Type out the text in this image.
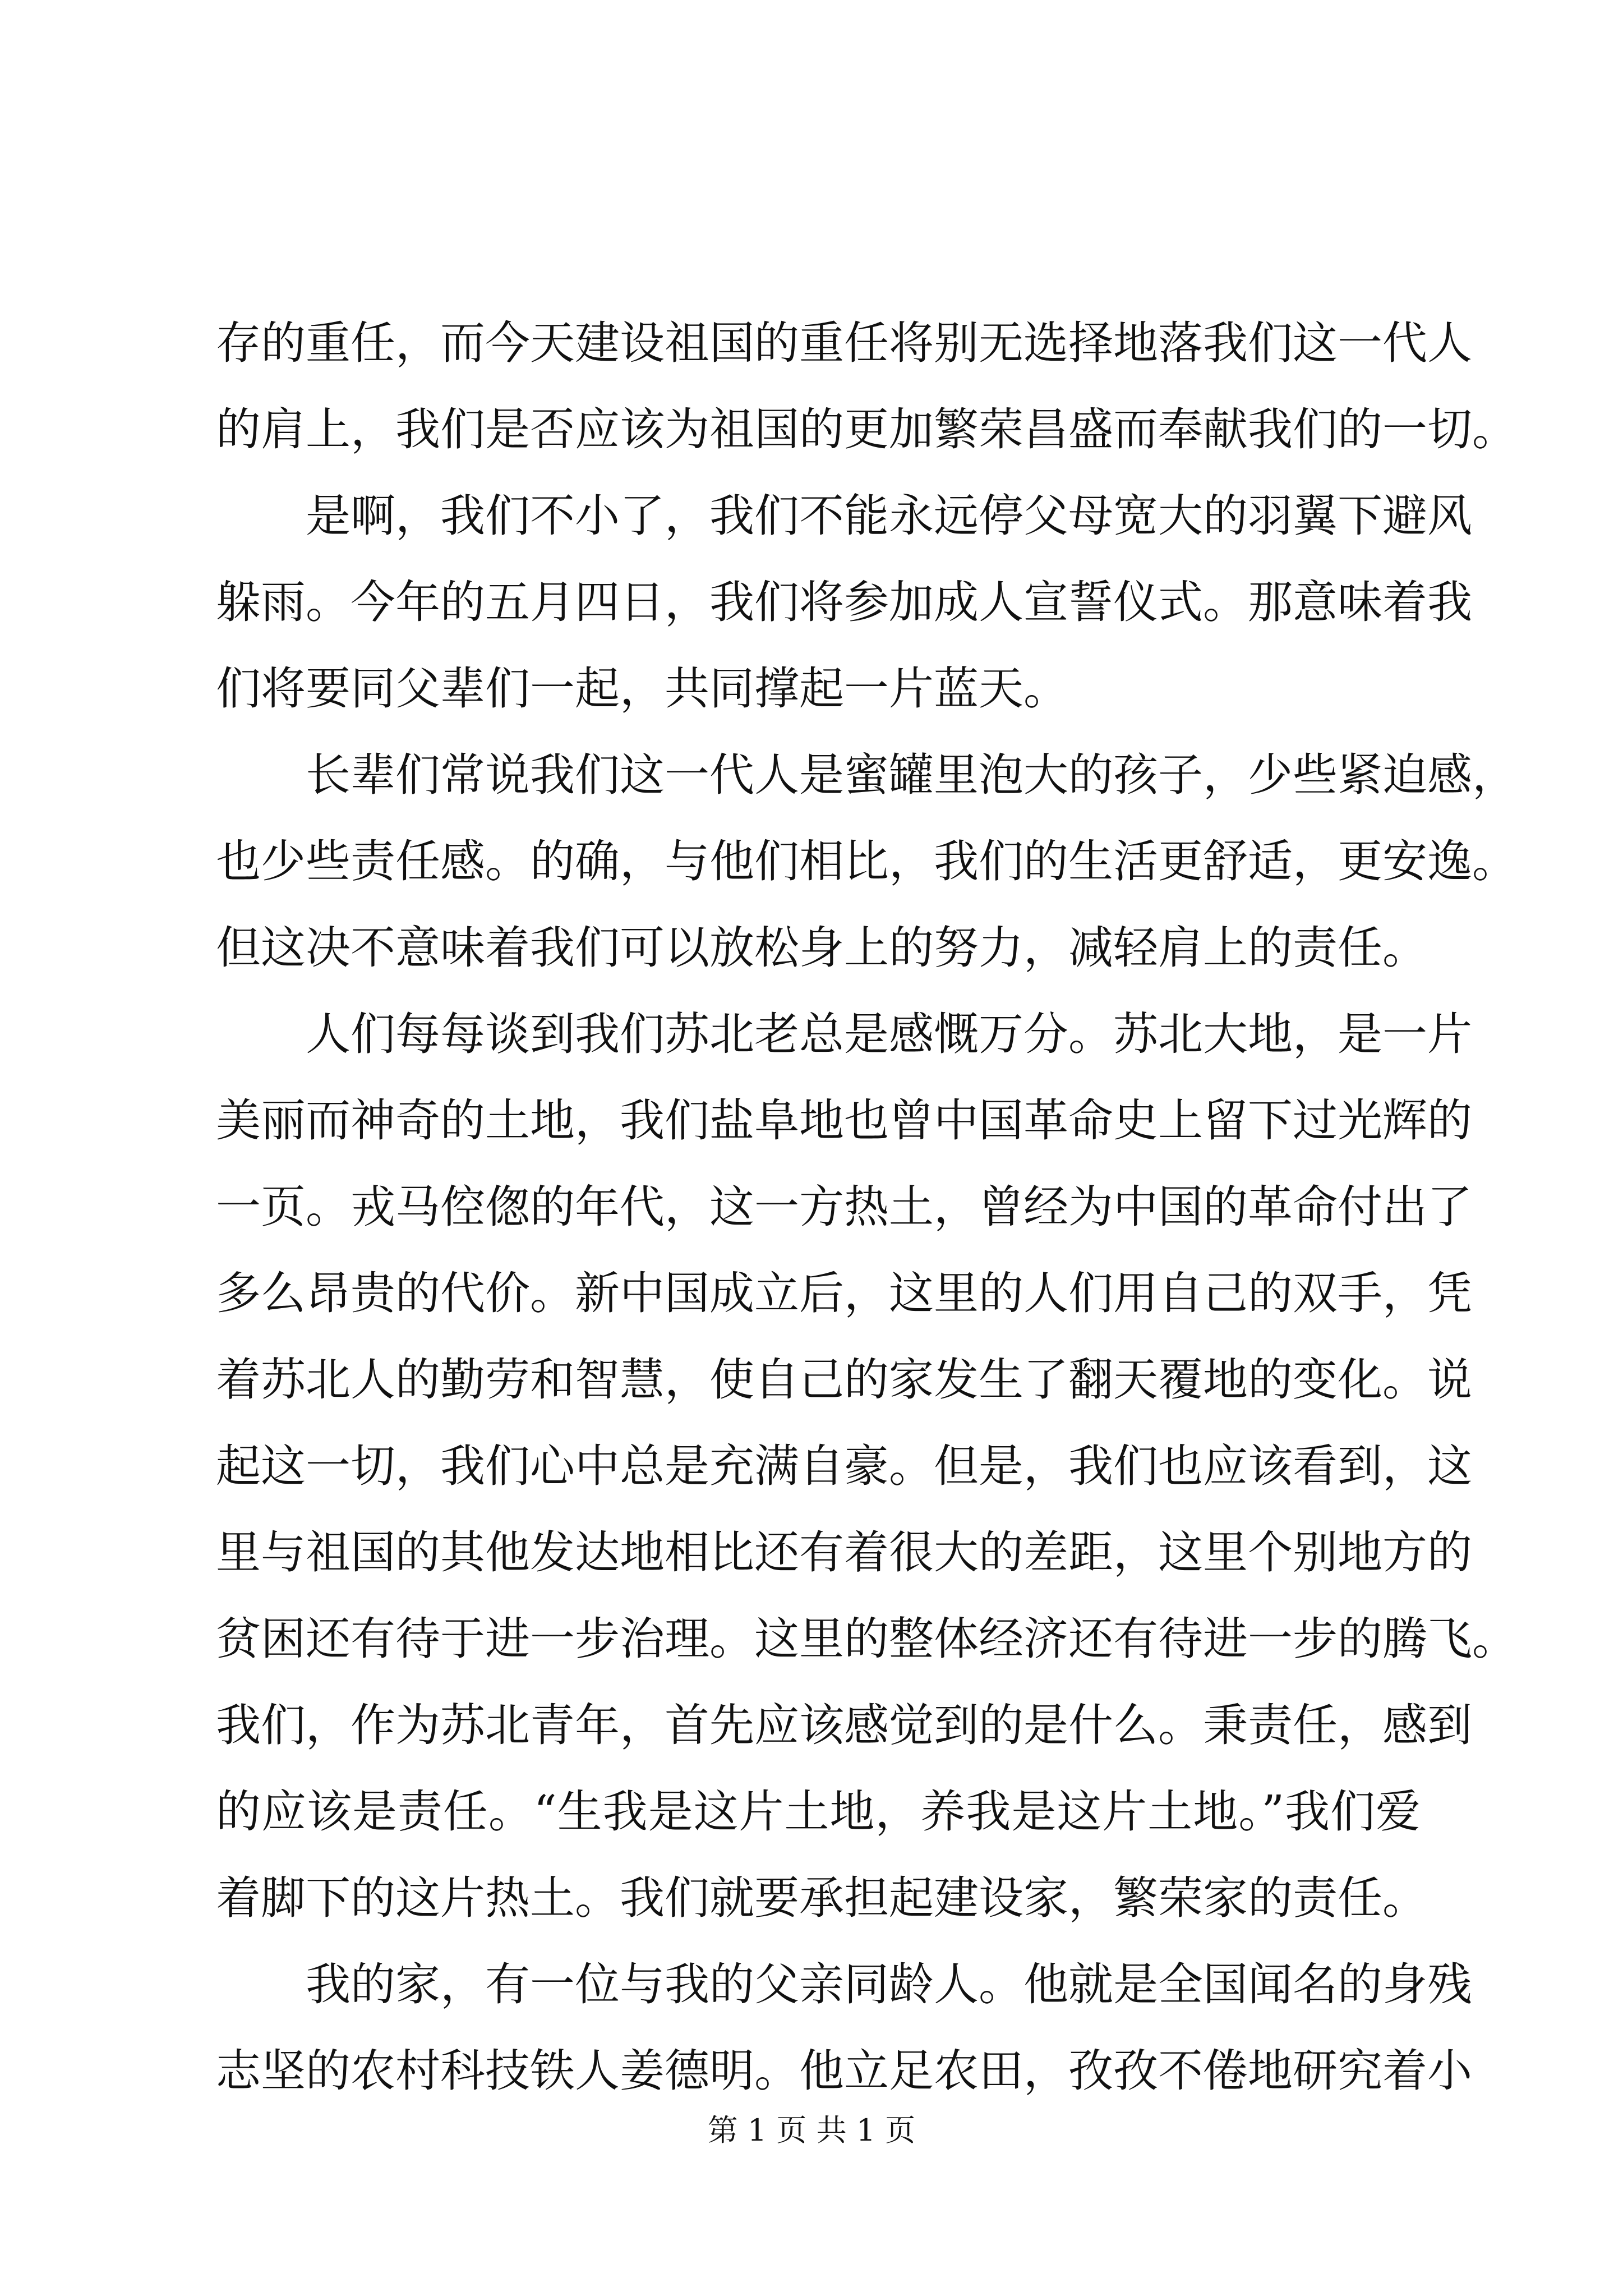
存的重任，而今天建设祖国的重任将别无选择地落我们这一代人
的肩上，我们是否应该为祖国的更加繁荣昌盛而奉献我们的一切。
是啊，我们不小了，我们不能永远停父母宽大的羽翼下避风
躲雨。今年的五月四日，我们将参加成人宣誓仪式。那意味着我
们将要同父辈们一起，共同撑起一片蓝天。
长辈们常说我们这一代人是蜜罐里泡大的孩子，少些紧迫感，
也少些责任感。的确，与他们相比，我们的生活更舒适，更安逸。
但这决不意味着我们可以放松身上的努力，减轻肩上的责任。
人们每每谈到我们苏北老总是感慨万分。苏北大地，是一片
美丽而神奇的土地，我们盐阜地也曾中国革命史上留下过光辉的
一页。戎马倥偬的年代，这一方热土，曾经为中国的革命付出了
多么昂贵的代价。新中国成立后，这里的人们用自己的双手，凭
着苏北人的勤劳和智慧，使自己的家发生了翻天覆地的变化。说
起这一切，我们心中总是充满自豪。但是，我们也应该看到，这
里与祖国的其他发达地相比还有着很大的差距，这里个别地方的
贫困还有待于进一步治理。这里的整体经济还有待进一步的腾飞。
我们，作为苏北青年，首先应该感觉到的是什么。秉责任，感到
的应该是责任。“生我是这片土地，养我是这片土地。”我们爱
着脚下的这片热土。我们就要承担起建设家，繁荣家的责任。
我的家，有一位与我的父亲同龄人。他就是全国闻名的身残
志坚的农村科技铁人姜德明。他立足农田，孜孜不倦地研究着小
第 1 页 共 1 页
